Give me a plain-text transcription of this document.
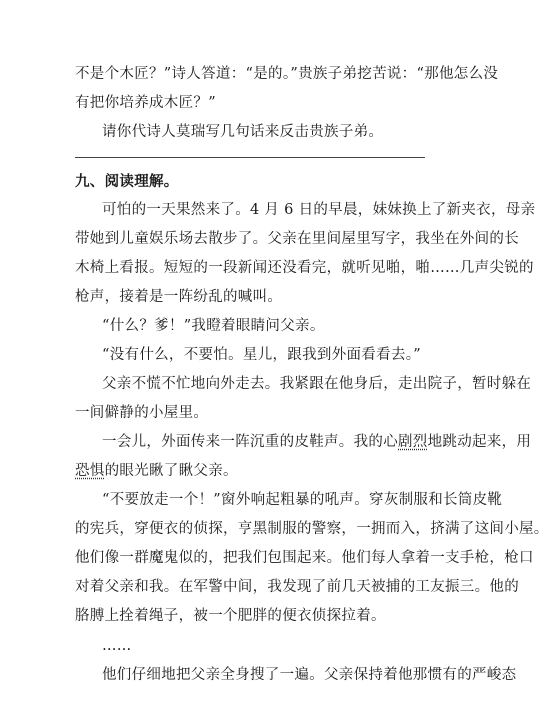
不是个木匠？”诗人答道：“是的。”贵族子弟挖苦说：“那他怎么没
有把你培养成木匠？”
请你代诗人莫瑞写几句话来反击贵族子弟。
九、阅读理解。
可怕的一天果然来了。4 月 6 日的早晨，妹妹换上了新夹衣，母亲
带她到儿童娱乐场去散步了。父亲在里间屋里写字，我坐在外间的长
木椅上看报。短短的一段新闻还没看完，就听见啪，啪……几声尖锐的
枪声，接着是一阵纷乱的喊叫。
“什么？爹！”我瞪着眼睛问父亲。
“没有什么，不要怕。星儿，跟我到外面看看去。”
父亲不慌不忙地向外走去。我紧跟在他身后，走出院子，暂时躲在
一间僻静的小屋里。
一会儿，外面传来一阵沉重的皮鞋声。我的心剧烈地跳动起来，用
恐惧的眼光瞅了瞅父亲。
“不要放走一个！”窗外响起粗暴的吼声。穿灰制服和长筒皮靴
的宪兵，穿便衣的侦探，亨黑制服的警察，一拥而入，挤满了这间小屋。
他们像一群魔鬼似的，把我们包围起来。他们每人拿着一支手枪，枪口
对着父亲和我。在军警中间，我发现了前几天被捕的工友振三。他的
胳膊上拴着绳子，被一个肥胖的便衣侦探拉着。
……
他们仔细地把父亲全身搜了一遍。父亲保持着他那惯有的严峻态
